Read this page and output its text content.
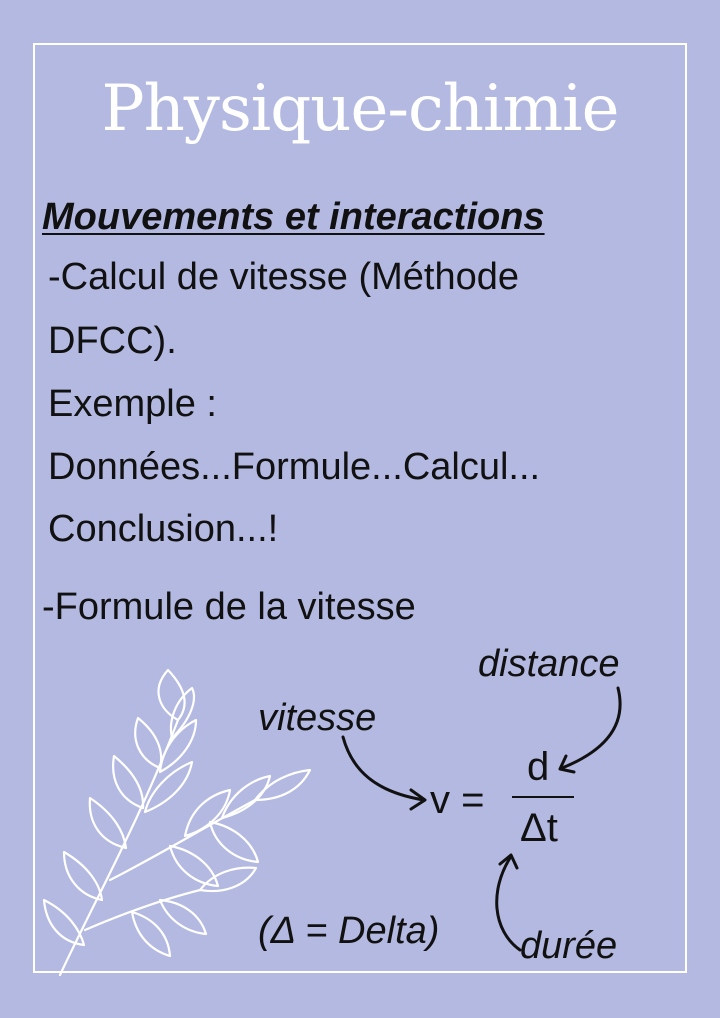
Physique-chimie
Mouvements et interactions

-Calcul de vitesse (Méthode

DFCC).

Exemple :

Données...Formule...Calcul...

Conclusion...!

-Formule de la vitesse

distance
vitesse
v =
d
Δt
(Δ = Delta) durée
